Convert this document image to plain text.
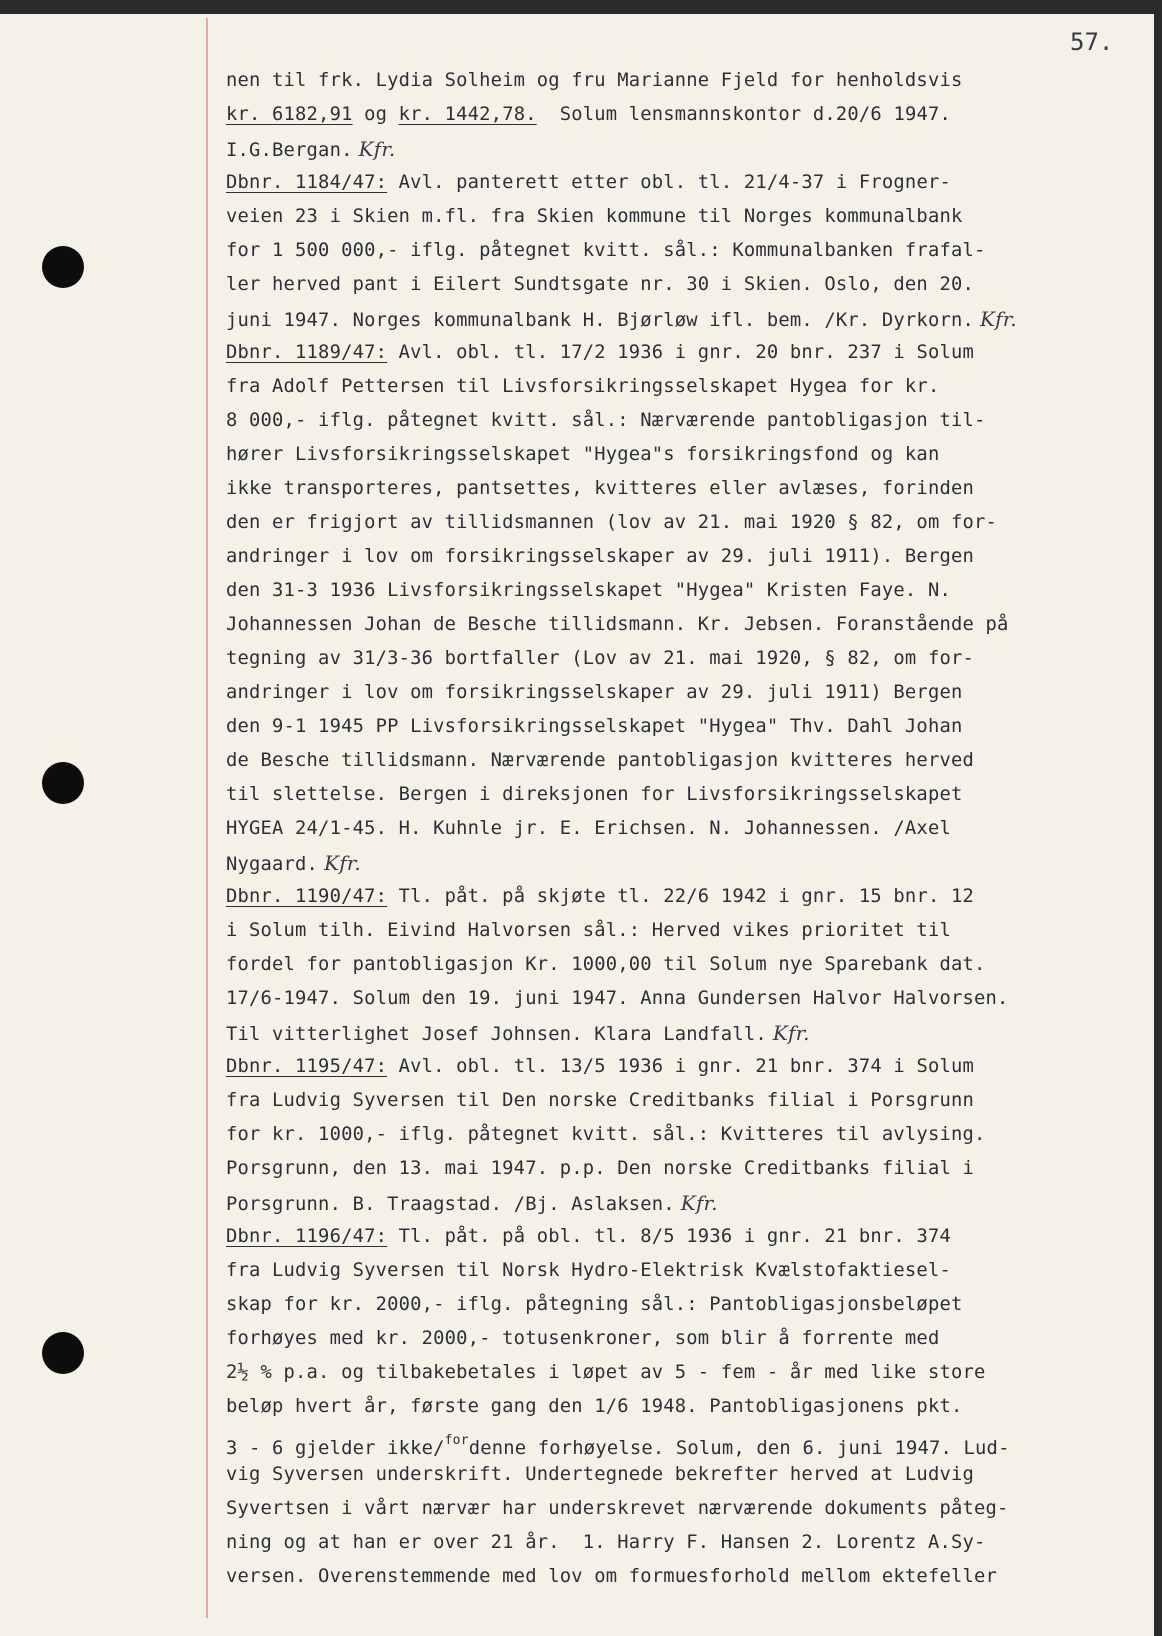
57.
nen til frk. Lydia Solheim og fru Marianne Fjeld for henholdsvis
kr. 6182,91 og kr. 1442,78.  Solum lensmannskontor d.20/6 1947.
I.G.Bergan. Kfr.
Dbnr. 1184/47: Avl. panterett etter obl. tl. 21/4-37 i Frogner-
veien 23 i Skien m.fl. fra Skien kommune til Norges kommunalbank
for 1 500 000,- iflg. påtegnet kvitt. sål.: Kommunalbanken frafal-
ler herved pant i Eilert Sundtsgate nr. 30 i Skien. Oslo, den 20.
juni 1947. Norges kommunalbank H. Bjørløw ifl. bem. /Kr. Dyrkorn. Kfr.
Dbnr. 1189/47: Avl. obl. tl. 17/2 1936 i gnr. 20 bnr. 237 i Solum
fra Adolf Pettersen til Livsforsikringsselskapet Hygea for kr.
8 000,- iflg. påtegnet kvitt. sål.: Nærværende pantobligasjon til-
hører Livsforsikringsselskapet "Hygea"s forsikringsfond og kan
ikke transporteres, pantsettes, kvitteres eller avlæses, forinden
den er frigjort av tillidsmannen (lov av 21. mai 1920 § 82, om for-
andringer i lov om forsikringsselskaper av 29. juli 1911). Bergen
den 31-3 1936 Livsforsikringsselskapet "Hygea" Kristen Faye. N.
Johannessen Johan de Besche tillidsmann. Kr. Jebsen. Foranstående på
tegning av 31/3-36 bortfaller (Lov av 21. mai 1920, § 82, om for-
andringer i lov om forsikringsselskaper av 29. juli 1911) Bergen
den 9-1 1945 PP Livsforsikringsselskapet "Hygea" Thv. Dahl Johan
de Besche tillidsmann. Nærværende pantobligasjon kvitteres herved
til slettelse. Bergen i direksjonen for Livsforsikringsselskapet
HYGEA 24/1-45. H. Kuhnle jr. E. Erichsen. N. Johannessen. /Axel
Nygaard. Kfr.
Dbnr. 1190/47: Tl. påt. på skjøte tl. 22/6 1942 i gnr. 15 bnr. 12
i Solum tilh. Eivind Halvorsen sål.: Herved vikes prioritet til
fordel for pantobligasjon Kr. 1000,00 til Solum nye Sparebank dat.
17/6-1947. Solum den 19. juni 1947. Anna Gundersen Halvor Halvorsen.
Til vitterlighet Josef Johnsen. Klara Landfall. Kfr.
Dbnr. 1195/47: Avl. obl. tl. 13/5 1936 i gnr. 21 bnr. 374 i Solum
fra Ludvig Syversen til Den norske Creditbanks filial i Porsgrunn
for kr. 1000,- iflg. påtegnet kvitt. sål.: Kvitteres til avlysing.
Porsgrunn, den 13. mai 1947. p.p. Den norske Creditbanks filial i
Porsgrunn. B. Traagstad. /Bj. Aslaksen. Kfr.
Dbnr. 1196/47: Tl. påt. på obl. tl. 8/5 1936 i gnr. 21 bnr. 374
fra Ludvig Syversen til Norsk Hydro-Elektrisk Kvælstofaktiesel-
skap for kr. 2000,- iflg. påtegning sål.: Pantobligasjonsbeløpet
forhøyes med kr. 2000,- totusenkroner, som blir å forrente med
2½ % p.a. og tilbakebetales i løpet av 5 - fem - år med like store
beløp hvert år, første gang den 1/6 1948. Pantobligasjonens pkt.
3 - 6 gjelder ikke/$^{for}$denne forhøyelse. Solum, den 6. juni 1947. Lud-
vig Syversen underskrift. Undertegnede bekrefter herved at Ludvig
Syvertsen i vårt nærvær har underskrevet nærværende dokuments påteg-
ning og at han er over 21 år.  1. Harry F. Hansen 2. Lorentz A.Sy-
versen. Overenstemmende med lov om formuesforhold mellom ektefeller
